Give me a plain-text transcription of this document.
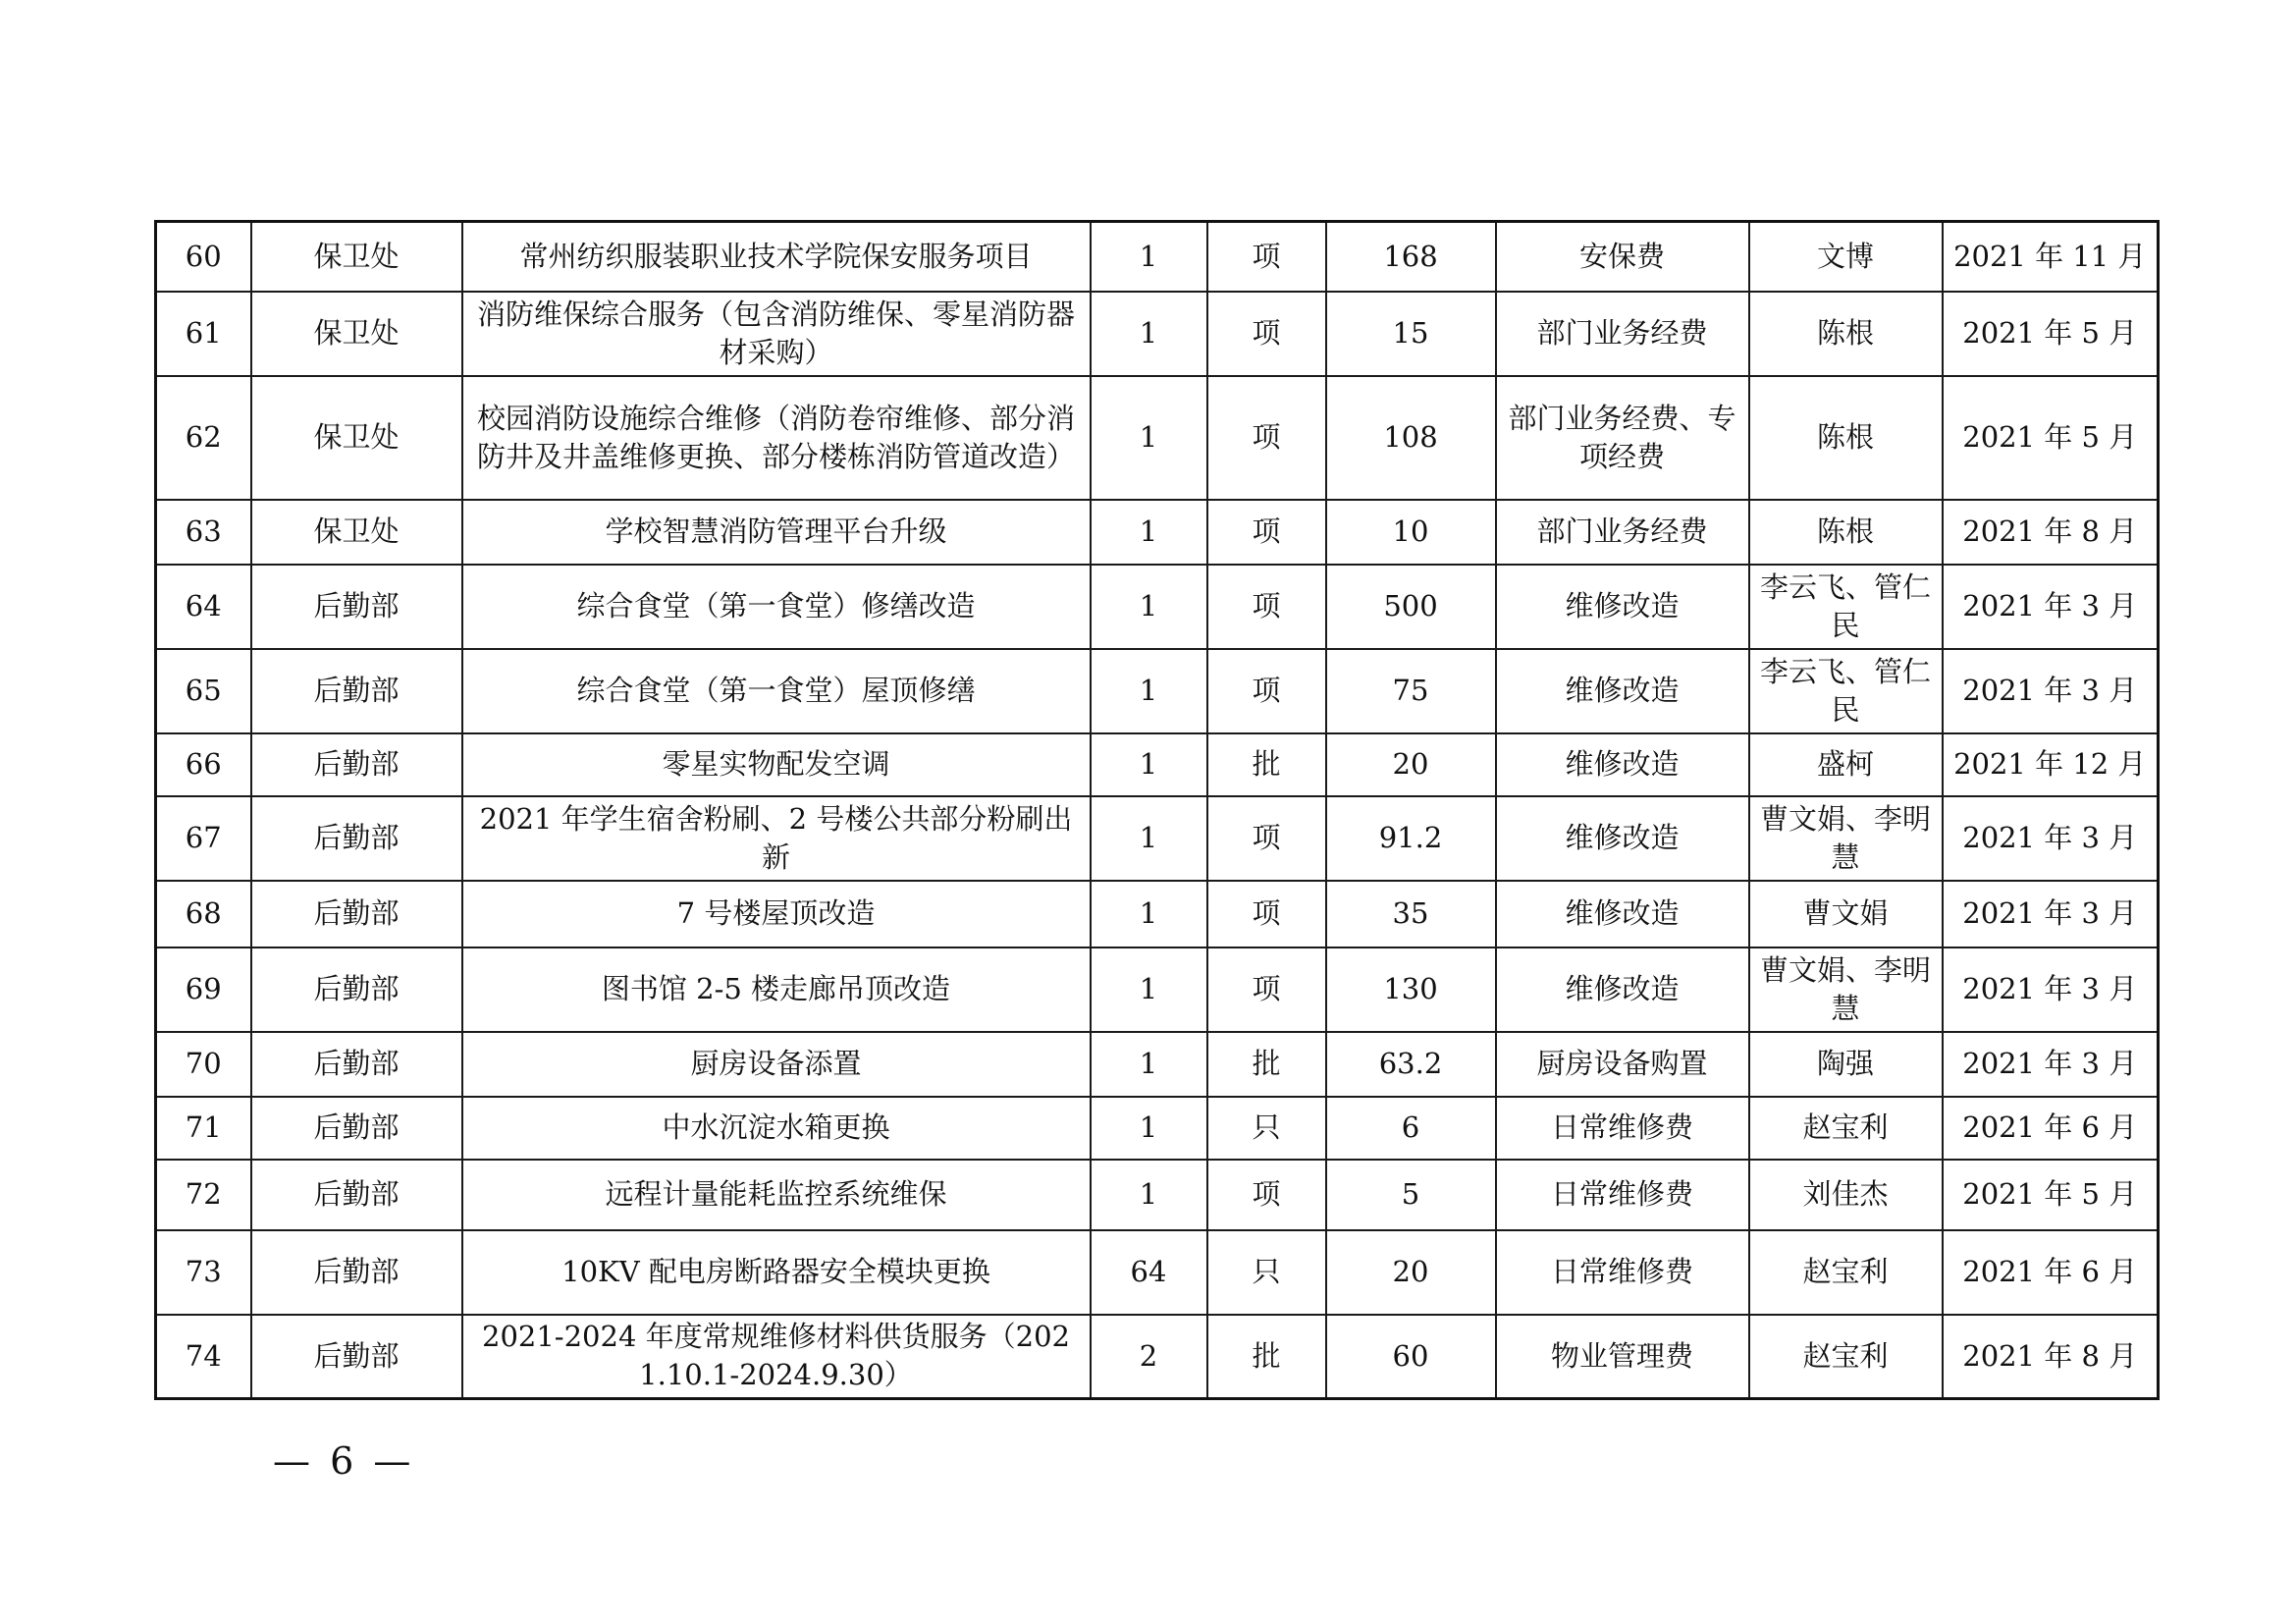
60	保卫处	常州纺织服装职业技术学院保安服务项目	1	项	168	安保费	文博	2021 年 11 月
61	保卫处	消防维保综合服务（包含消防维保、零星消防器材采购）	1	项	15	部门业务经费	陈根	2021 年 5 月
62	保卫处	校园消防设施综合维修（消防卷帘维修、部分消防井及井盖维修更换、部分楼栋消防管道改造）	1	项	108	部门业务经费、专项经费	陈根	2021 年 5 月
63	保卫处	学校智慧消防管理平台升级	1	项	10	部门业务经费	陈根	2021 年 8 月
64	后勤部	综合食堂（第一食堂）修缮改造	1	项	500	维修改造	李云飞、管仁民	2021 年 3 月
65	后勤部	综合食堂（第一食堂）屋顶修缮	1	项	75	维修改造	李云飞、管仁民	2021 年 3 月
66	后勤部	零星实物配发空调	1	批	20	维修改造	盛柯	2021 年 12 月
67	后勤部	2021 年学生宿舍粉刷、2 号楼公共部分粉刷出新	1	项	91.2	维修改造	曹文娟、李明慧	2021 年 3 月
68	后勤部	7 号楼屋顶改造	1	项	35	维修改造	曹文娟	2021 年 3 月
69	后勤部	图书馆 2-5 楼走廊吊顶改造	1	项	130	维修改造	曹文娟、李明慧	2021 年 3 月
70	后勤部	厨房设备添置	1	批	63.2	厨房设备购置	陶强	2021 年 3 月
71	后勤部	中水沉淀水箱更换	1	只	6	日常维修费	赵宝利	2021 年 6 月
72	后勤部	远程计量能耗监控系统维保	1	项	5	日常维修费	刘佳杰	2021 年 5 月
73	后勤部	10KV 配电房断路器安全模块更换	64	只	20	日常维修费	赵宝利	2021 年 6 月
74	后勤部	2021-2024 年度常规维修材料供货服务（2021.10.1-2024.9.30）	2	批	60	物业管理费	赵宝利	2021 年 8 月
— 6 —
